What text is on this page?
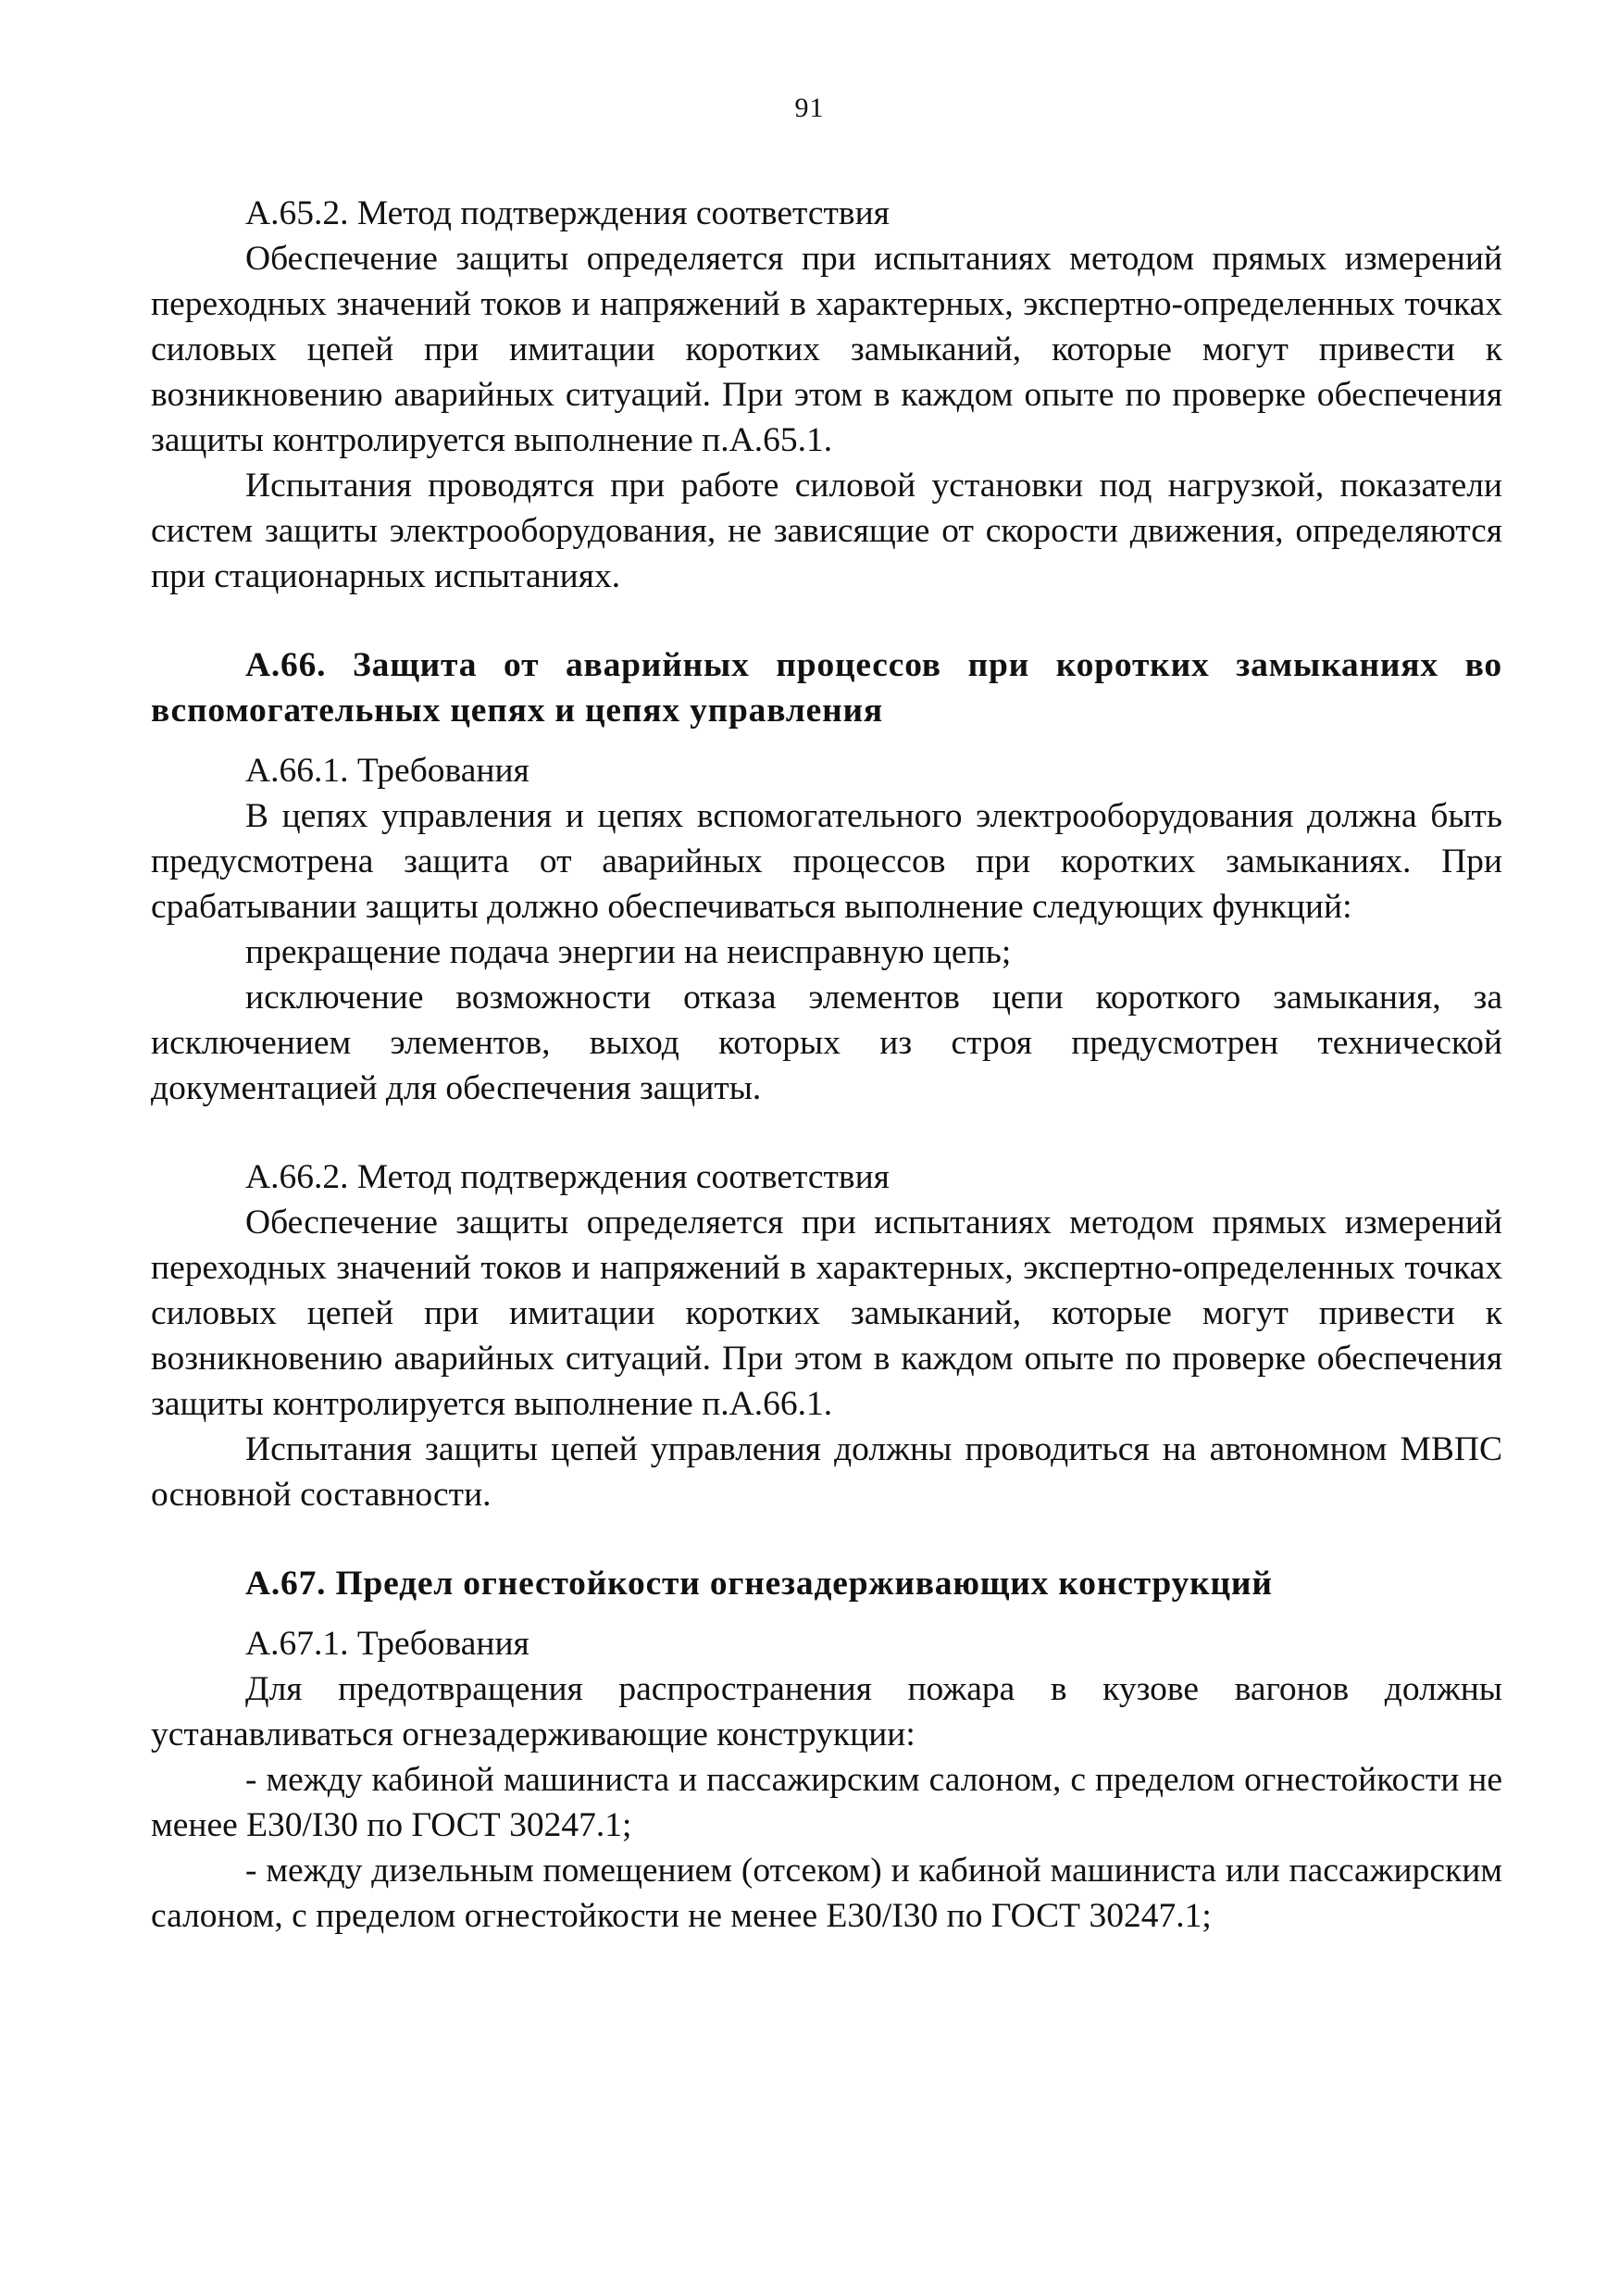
91

А.65.2. Метод подтверждения соответствия

Обеспечение защиты определяется при испытаниях методом прямых измерений переходных значений токов и напряжений в характерных, экспертно-определенных точках силовых цепей при имитации коротких замыканий, которые могут привести к возникновению аварийных ситуаций. При этом в каждом опыте по проверке обеспечения защиты контролируется выполнение п.А.65.1.

Испытания проводятся при работе силовой установки под нагрузкой, показатели систем защиты электрооборудования, не зависящие от скорости движения, определяются при стационарных испытаниях.

А.66. Защита от аварийных процессов при коротких замыканиях во вспомогательных цепях и цепях управления

А.66.1. Требования

В цепях управления и цепях вспомогательного электрооборудования должна быть предусмотрена защита от аварийных процессов при коротких замыканиях. При срабатывании защиты должно обеспечиваться выполнение следующих функций:

прекращение подача энергии на неисправную цепь;

исключение возможности отказа элементов цепи короткого замыкания, за исключением элементов, выход которых из строя предусмотрен технической документацией для обеспечения защиты.

А.66.2. Метод подтверждения соответствия

Обеспечение защиты определяется при испытаниях методом прямых измерений переходных значений токов и напряжений в характерных, экспертно-определенных точках силовых цепей при имитации коротких замыканий, которые могут привести к возникновению аварийных ситуаций. При этом в каждом опыте по проверке обеспечения защиты контролируется выполнение п.А.66.1.

Испытания защиты цепей управления должны проводиться на автономном МВПС основной составности.

А.67. Предел огнестойкости огнезадерживающих конструкций

А.67.1. Требования

Для предотвращения распространения пожара в кузове вагонов должны устанавливаться огнезадерживающие конструкции:

- между кабиной машиниста и пассажирским салоном, с пределом огнестойкости не менее Е30/I30 по ГОСТ 30247.1;

- между дизельным помещением (отсеком) и кабиной машиниста или пассажирским салоном, с пределом огнестойкости не менее Е30/I30 по ГОСТ 30247.1;
